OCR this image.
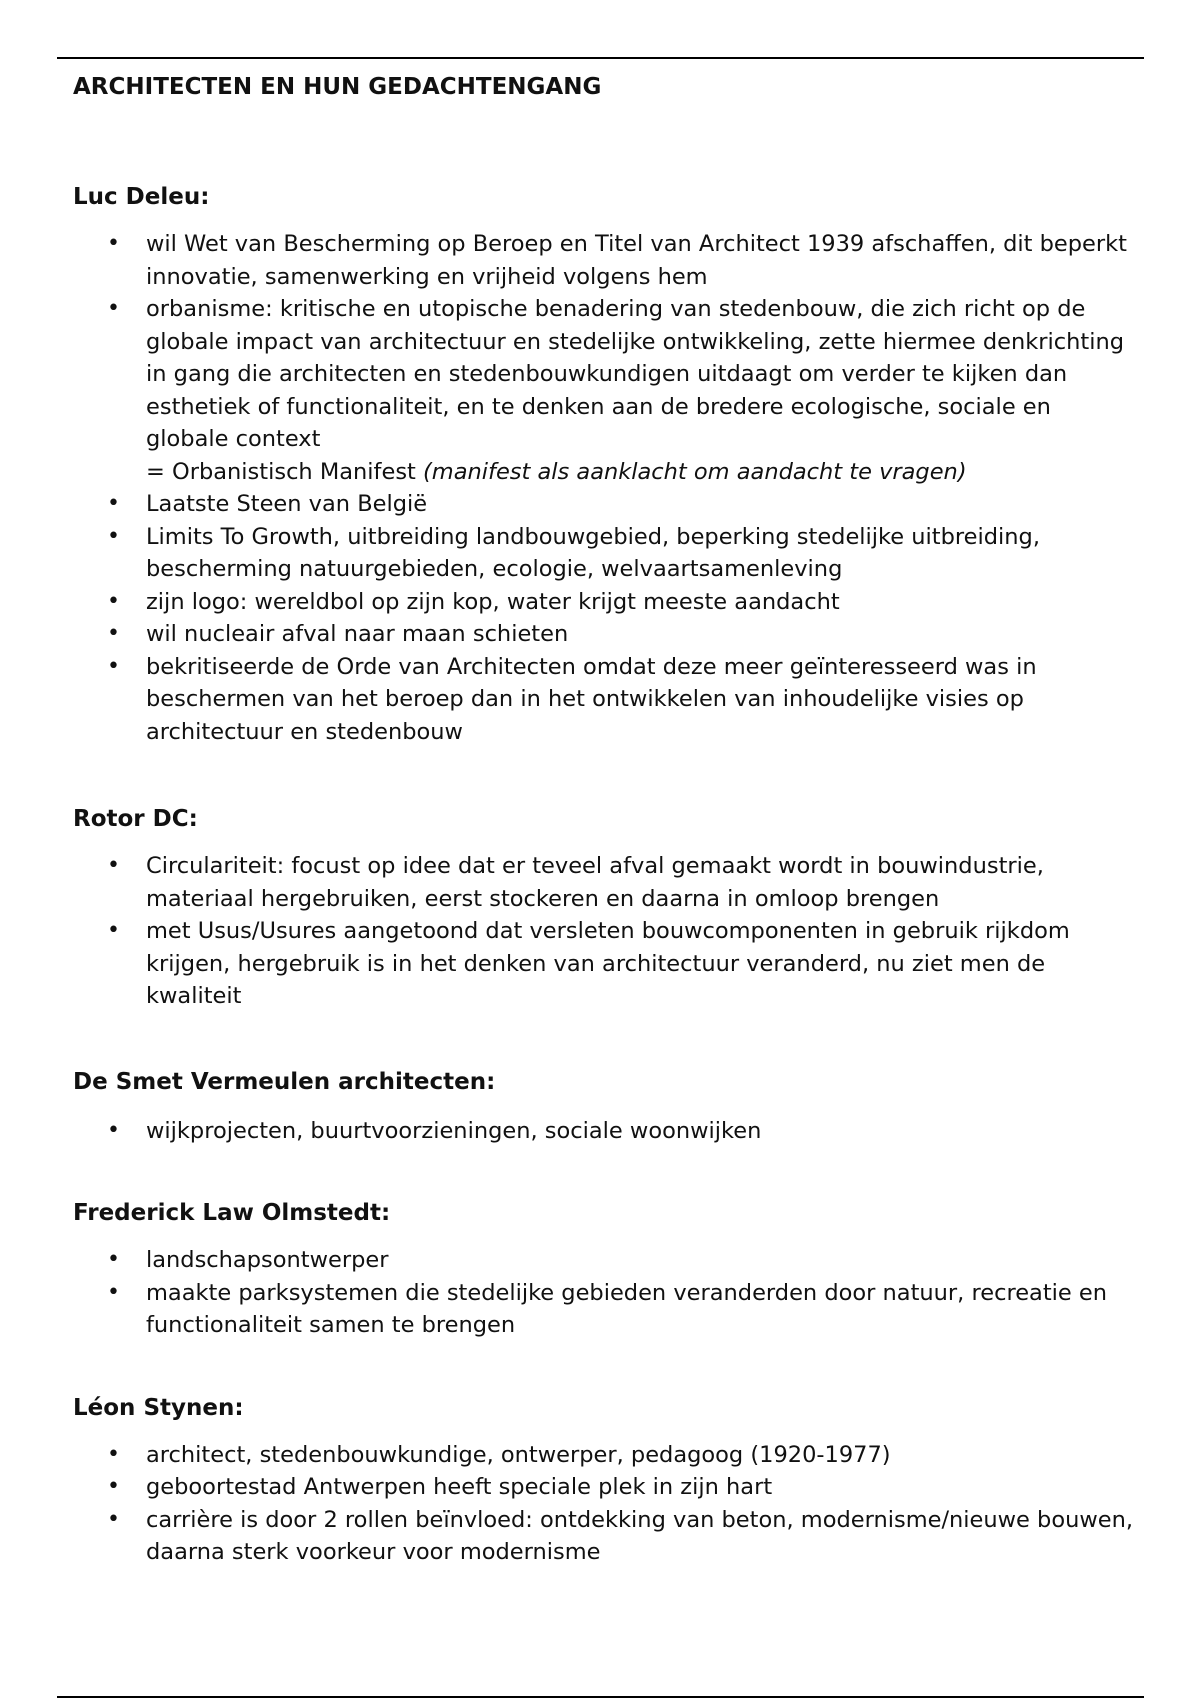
ARCHITECTEN EN HUN GEDACHTENGANG
Luc Deleu:
• wil Wet van Bescherming op Beroep en Titel van Architect 1939 afschaffen, dit beperkt innovatie, samenwerking en vrijheid volgens hem
• orbanisme: kritische en utopische benadering van stedenbouw, die zich richt op de globale impact van architectuur en stedelijke ontwikkeling, zette hiermee denkrichting in gang die architecten en stedenbouwkundigen uitdaagt om verder te kijken dan esthetiek of functionaliteit, en te denken aan de bredere ecologische, sociale en globale context
= Orbanistisch Manifest (manifest als aanklacht om aandacht te vragen)
• Laatste Steen van België
• Limits To Growth, uitbreiding landbouwgebied, beperking stedelijke uitbreiding, bescherming natuurgebieden, ecologie, welvaartsamenleving
• zijn logo: wereldbol op zijn kop, water krijgt meeste aandacht
• wil nucleair afval naar maan schieten
• bekritiseerde de Orde van Architecten omdat deze meer geïnteresseerd was in beschermen van het beroep dan in het ontwikkelen van inhoudelijke visies op architectuur en stedenbouw
Rotor DC:
• Circulariteit: focust op idee dat er teveel afval gemaakt wordt in bouwindustrie, materiaal hergebruiken, eerst stockeren en daarna in omloop brengen
• met Usus/Usures aangetoond dat versleten bouwcomponenten in gebruik rijkdom krijgen, hergebruik is in het denken van architectuur veranderd, nu ziet men de kwaliteit
De Smet Vermeulen architecten:
• wijkprojecten, buurtvoorzieningen, sociale woonwijken
Frederick Law Olmstedt:
• landschapsontwerper
• maakte parksystemen die stedelijke gebieden veranderden door natuur, recreatie en functionaliteit samen te brengen
Léon Stynen:
• architect, stedenbouwkundige, ontwerper, pedagoog (1920-1977)
• geboortestad Antwerpen heeft speciale plek in zijn hart
• carrière is door 2 rollen beïnvloed: ontdekking van beton, modernisme/nieuwe bouwen, daarna sterk voorkeur voor modernisme
